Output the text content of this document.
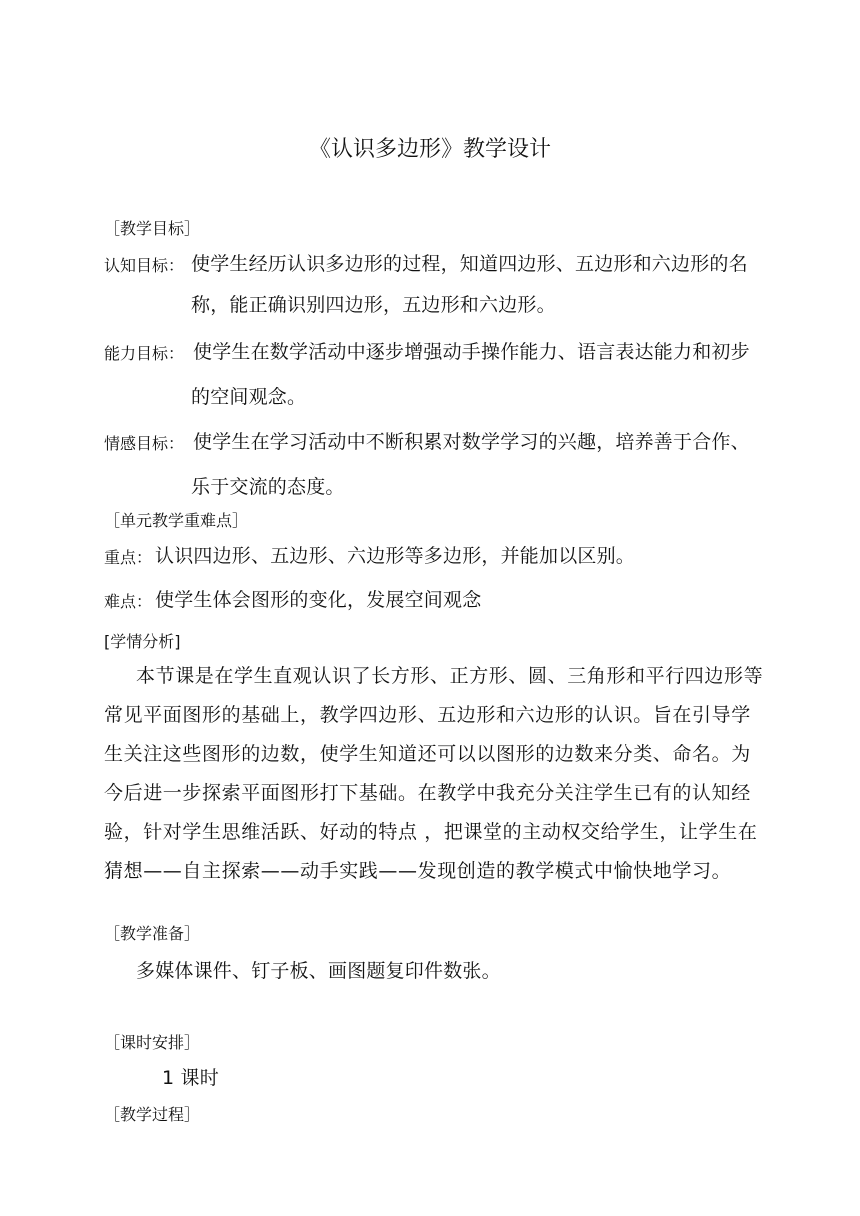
《认识多边形》教学设计
［教学目标］
认知目标： 使学生经历认识多边形的过程，知道四边形、五边形和六边形的名
称，能正确识别四边形，五边形和六边形。
能力目标： 使学生在数学活动中逐步增强动手操作能力、语言表达能力和初步
的空间观念。
情感目标： 使学生在学习活动中不断积累对数学学习的兴趣，培养善于合作、
乐于交流的态度。
［单元教学重难点］
重点： 认识四边形、五边形、六边形等多边形，并能加以区别。
难点： 使学生体会图形的变化，发展空间观念
[学情分析]
本节课是在学生直观认识了长方形、正方形、圆、三角形和平行四边形等
常见平面图形的基础上，教学四边形、五边形和六边形的认识。旨在引导学
生关注这些图形的边数，使学生知道还可以以图形的边数来分类、命名。为
今后进一步探索平面图形打下基础。在教学中我充分关注学生已有的认知经
验，针对学生思维活跃、好动的特点 ，把课堂的主动权交给学生，让学生在
猜想——自主探索——动手实践——发现创造的教学模式中愉快地学习。
［教学准备］
多媒体课件、钉子板、画图题复印件数张。
［课时安排］
1 课时
［教学过程］
